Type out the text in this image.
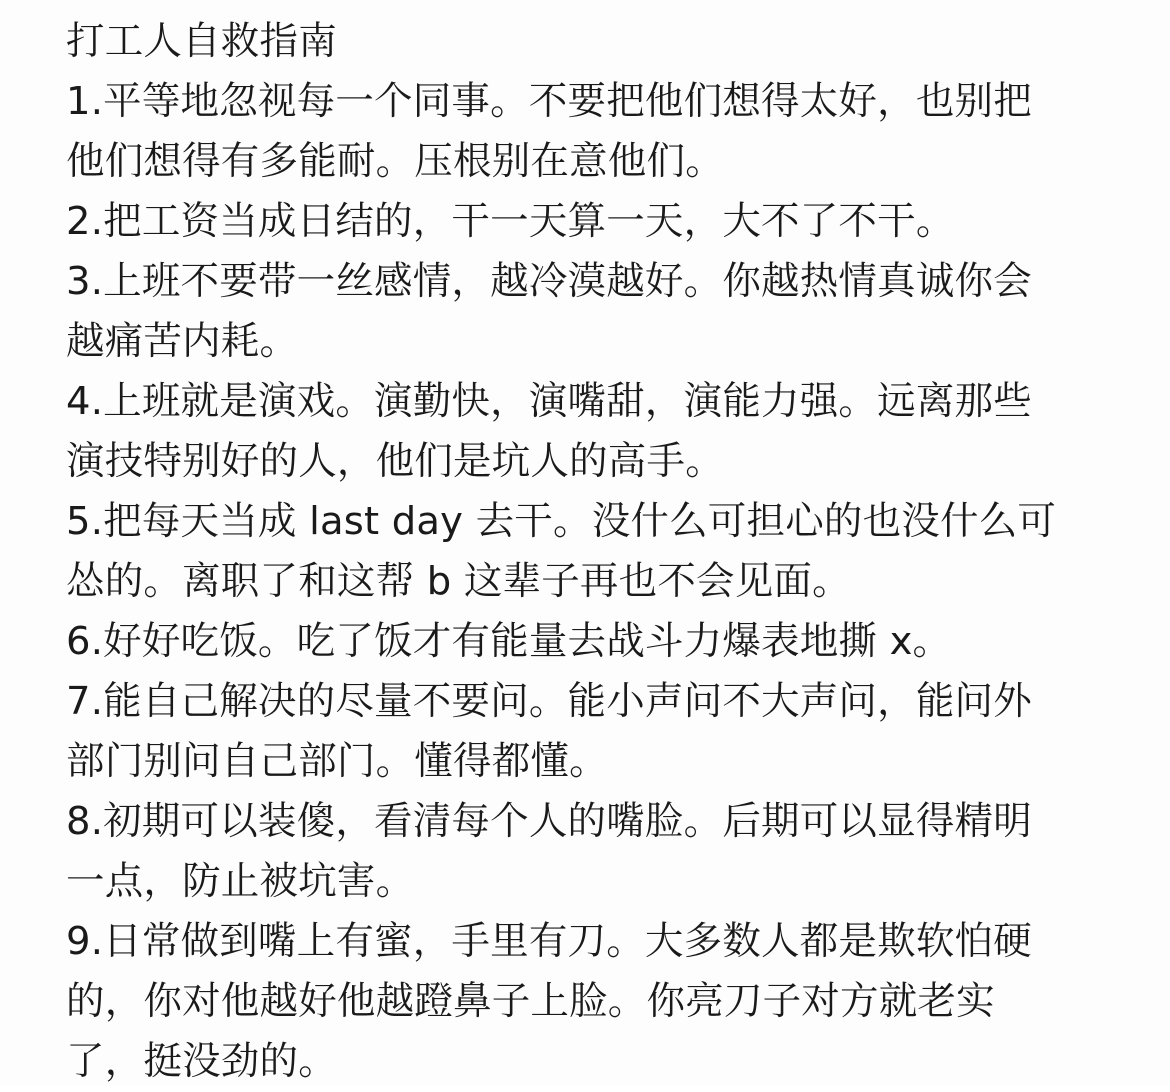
打工人自救指南
1.平等地忽视每一个同事。不要把他们想得太好，也别把
他们想得有多能耐。压根别在意他们。
2.把工资当成日结的，干一天算一天，大不了不干。
3.上班不要带一丝感情，越冷漠越好。你越热情真诚你会
越痛苦内耗。
4.上班就是演戏。演勤快，演嘴甜，演能力强。远离那些
演技特别好的人，他们是坑人的高手。
5.把每天当成 last day 去干。没什么可担心的也没什么可
怂的。离职了和这帮 b 这辈子再也不会见面。
6.好好吃饭。吃了饭才有能量去战斗力爆表地撕 x。
7.能自己解决的尽量不要问。能小声问不大声问，能问外
部门别问自己部门。懂得都懂。
8.初期可以装傻，看清每个人的嘴脸。后期可以显得精明
一点，防止被坑害。
9.日常做到嘴上有蜜，手里有刀。大多数人都是欺软怕硬
的，你对他越好他越蹬鼻子上脸。你亮刀子对方就老实
了，挺没劲的。
